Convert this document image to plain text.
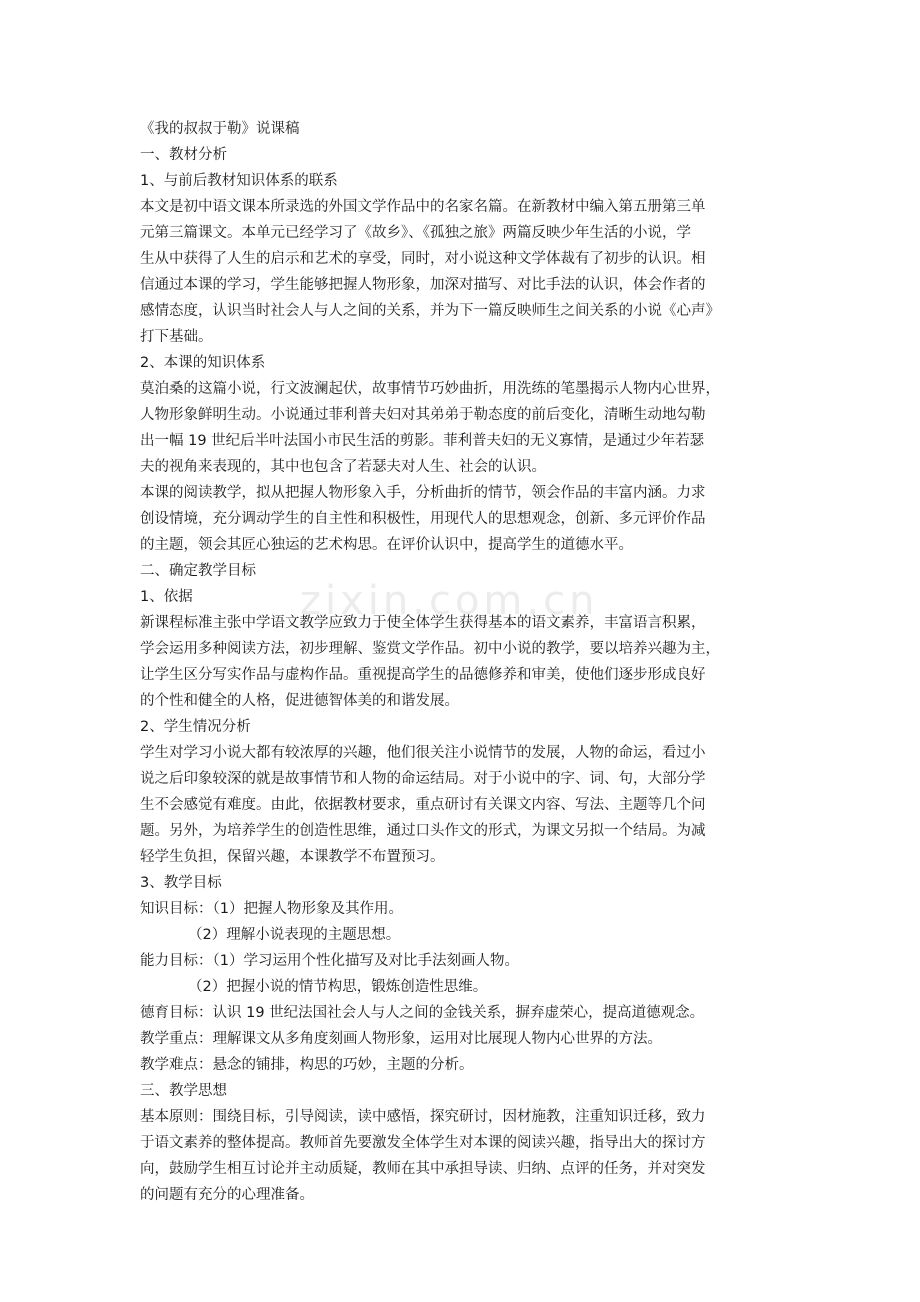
zixin.com.cn
《我的叔叔于勒》说课稿
一、教材分析
1、与前后教材知识体系的联系
本文是初中语文课本所录选的外国文学作品中的名家名篇。在新教材中编入第五册第三单
元第三篇课文。本单元已经学习了《故乡》、《孤独之旅》两篇反映少年生活的小说，学
生从中获得了人生的启示和艺术的享受，同时，对小说这种文学体裁有了初步的认识。相
信通过本课的学习，学生能够把握人物形象，加深对描写、对比手法的认识，体会作者的
感情态度，认识当时社会人与人之间的关系，并为下一篇反映师生之间关系的小说《心声》
打下基础。
2、本课的知识体系
莫泊桑的这篇小说，行文波澜起伏，故事情节巧妙曲折，用洗练的笔墨揭示人物内心世界，
人物形象鲜明生动。小说通过菲利普夫妇对其弟弟于勒态度的前后变化，清晰生动地勾勒
出一幅 19 世纪后半叶法国小市民生活的剪影。菲利普夫妇的无义寡情，是通过少年若瑟
夫的视角来表现的，其中也包含了若瑟夫对人生、社会的认识。
本课的阅读教学，拟从把握人物形象入手，分析曲折的情节，领会作品的丰富内涵。力求
创设情境，充分调动学生的自主性和积极性，用现代人的思想观念，创新、多元评价作品
的主题，领会其匠心独运的艺术构思。在评价认识中，提高学生的道德水平。
二、确定教学目标
1、依据
新课程标准主张中学语文教学应致力于使全体学生获得基本的语文素养，丰富语言积累，
学会运用多种阅读方法，初步理解、鉴赏文学作品。初中小说的教学，要以培养兴趣为主，
让学生区分写实作品与虚构作品。重视提高学生的品德修养和审美，使他们逐步形成良好
的个性和健全的人格，促进德智体美的和谐发展。
2、学生情况分析
学生对学习小说大都有较浓厚的兴趣，他们很关注小说情节的发展，人物的命运，看过小
说之后印象较深的就是故事情节和人物的命运结局。对于小说中的字、词、句，大部分学
生不会感觉有难度。由此，依据教材要求，重点研讨有关课文内容、写法、主题等几个问
题。另外，为培养学生的创造性思维，通过口头作文的形式，为课文另拟一个结局。为减
轻学生负担，保留兴趣，本课教学不布置预习。
3、教学目标
知识目标：（1）把握人物形象及其作用。
（2）理解小说表现的主题思想。
能力目标：（1）学习运用个性化描写及对比手法刻画人物。
（2）把握小说的情节构思，锻炼创造性思维。
德育目标：认识 19 世纪法国社会人与人之间的金钱关系，摒弃虚荣心，提高道德观念。
教学重点：理解课文从多角度刻画人物形象，运用对比展现人物内心世界的方法。
教学难点：悬念的铺排，构思的巧妙，主题的分析。
三、教学思想
基本原则：围绕目标，引导阅读，读中感悟，探究研讨，因材施教，注重知识迁移，致力
于语文素养的整体提高。教师首先要激发全体学生对本课的阅读兴趣，指导出大的探讨方
向，鼓励学生相互讨论并主动质疑，教师在其中承担导读、归纳、点评的任务，并对突发
的问题有充分的心理准备。
